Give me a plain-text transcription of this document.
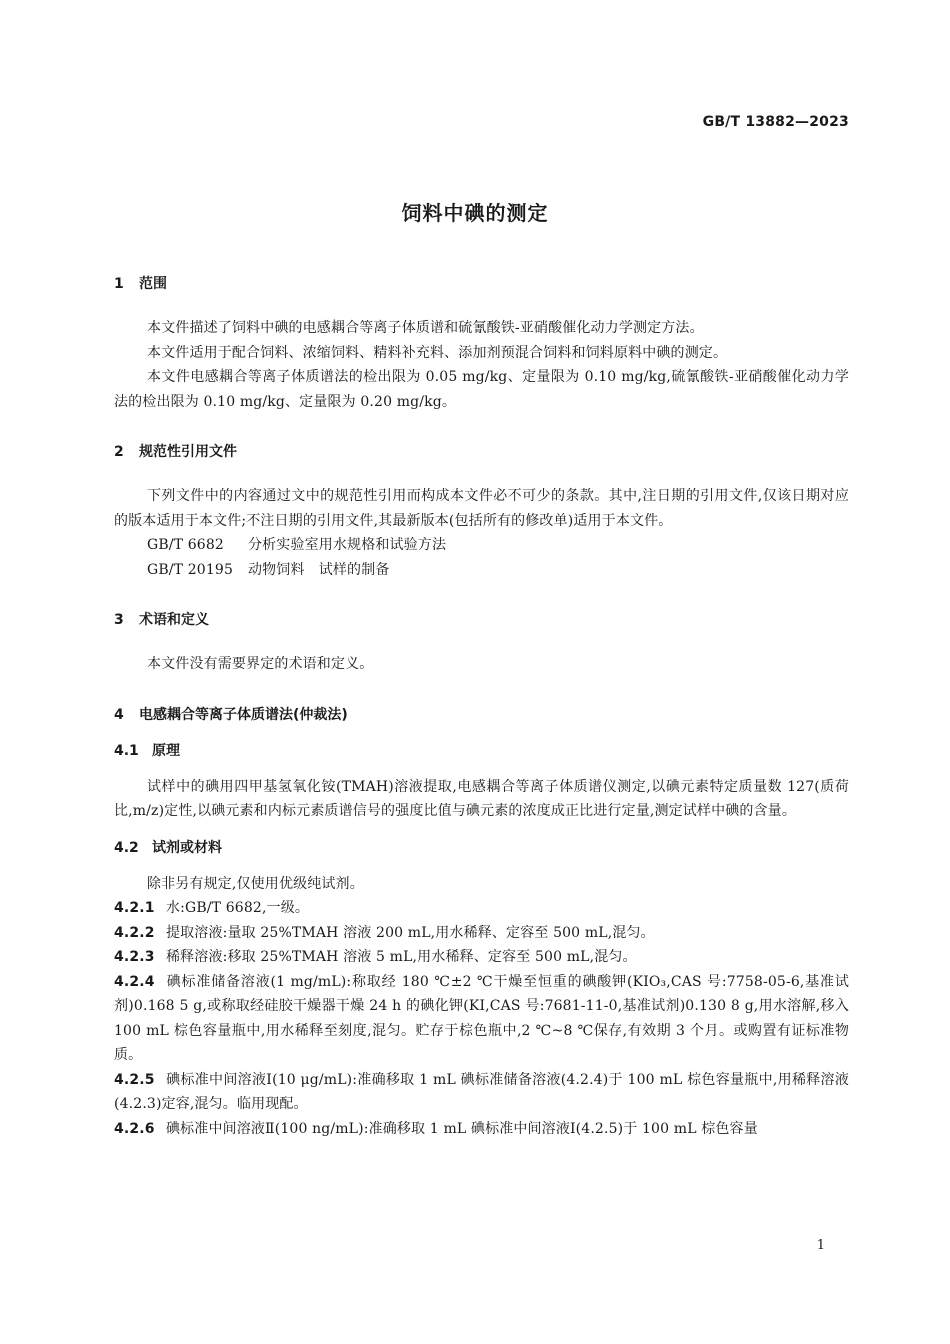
GB/T 13882—2023
饲料中碘的测定
1 范围

本文件描述了饲料中碘的电感耦合等离子体质谱和硫氰酸铁-亚硝酸催化动力学测定方法。

本文件适用于配合饲料、浓缩饲料、精料补充料、添加剂预混合饲料和饲料原料中碘的测定。

本文件电感耦合等离子体质谱法的检出限为 0.05 mg/kg、定量限为 0.10 mg/kg,硫氰酸铁-亚硝酸催化动力学法的检出限为 0.10 mg/kg、定量限为 0.20 mg/kg。

2 规范性引用文件

下列文件中的内容通过文中的规范性引用而构成本文件必不可少的条款。其中,注日期的引用文件,仅该日期对应的版本适用于本文件;不注日期的引用文件,其最新版本(包括所有的修改单)适用于本文件。

GB/T 6682 分析实验室用水规格和试验方法
GB/T 20195 动物饲料　试样的制备
3 术语和定义

本文件没有需要界定的术语和定义。

4 电感耦合等离子体质谱法(仲裁法)
4.1 原理

试样中的碘用四甲基氢氧化铵(TMAH)溶液提取,电感耦合等离子体质谱仪测定,以碘元素特定质量数 127(质荷比,m/z)定性,以碘元素和内标元素质谱信号的强度比值与碘元素的浓度成正比进行定量,测定试样中碘的含量。

4.2 试剂或材料

除非另有规定,仅使用优级纯试剂。

4.2.1 水:GB/T 6682,一级。
4.2.2 提取溶液:量取 25%TMAH 溶液 200 mL,用水稀释、定容至 500 mL,混匀。
4.2.3 稀释溶液:移取 25%TMAH 溶液 5 mL,用水稀释、定容至 500 mL,混匀。
4.2.4 碘标准储备溶液(1 mg/mL):称取经 180 ℃±2 ℃干燥至恒重的碘酸钾(KIO₃,CAS 号:7758-05-6,基准试剂)0.168 5 g,或称取经硅胶干燥器干燥 24 h 的碘化钾(KI,CAS 号:7681-11-0,基准试剂)0.130 8 g,用水溶解,移入 100 mL 棕色容量瓶中,用水稀释至刻度,混匀。贮存于棕色瓶中,2 ℃~8 ℃保存,有效期 3 个月。或购置有证标准物质。
4.2.5 碘标准中间溶液Ⅰ(10 μg/mL):准确移取 1 mL 碘标准储备溶液(4.2.4)于 100 mL 棕色容量瓶中,用稀释溶液(4.2.3)定容,混匀。临用现配。
4.2.6 碘标准中间溶液Ⅱ(100 ng/mL):准确移取 1 mL 碘标准中间溶液Ⅰ(4.2.5)于 100 mL 棕色容量
1
